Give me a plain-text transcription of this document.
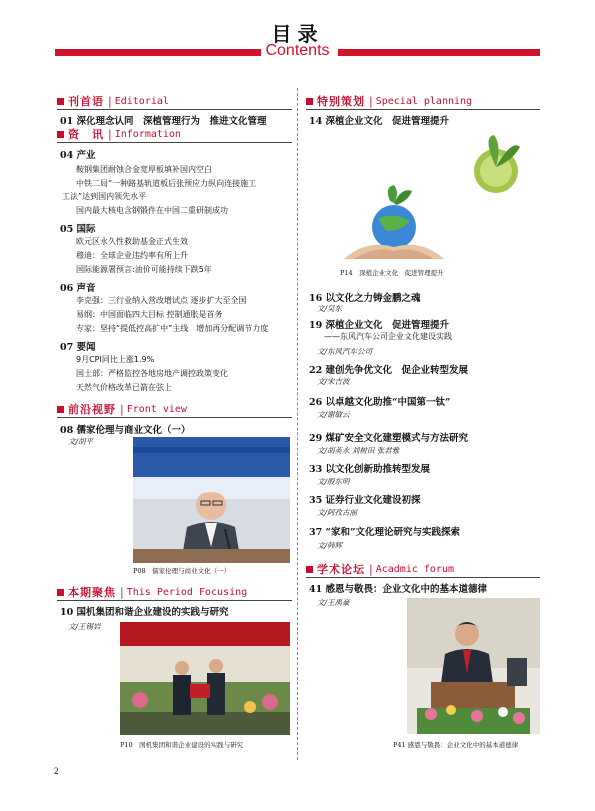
目录
Contents
刊首语 | Editorial
01 深化理念认同　深植管理行为　推进文化管理
资　讯 | Information
04 产业
鞍钢集团耐蚀合金宽厚板填补国内空白
中铁二局“一种路基轨道板后张预应力纵向连接施工
工法”达到国内领先水平
国内最大核电含钢锻件在中国二重研制成功
05 国际
欧元区永久性救助基金正式生效
穆迪：全球企业违约率有所上升
国际能源署预言:油价可能持续下跌5年
06 声音
李克强：三行业纳入营改增试点 逐步扩大至全国
易纲：中国面临四大目标 控制通胀是首务
专家：坚持“提低控高扩中”主线　增加再分配调节力度
07 要闻
9月CPI同比上涨1.9%
国土部：严格监控各地房地产调控政策变化
天然气价格改革已箭在弦上
前沿视野 | Front view
08 儒家伦理与商业文化（一）
文/胡平
P08　儒家伦理与商业文化（一）
本期聚焦 | This Period Focusing
10 国机集团和谐企业建设的实践与研究
文/王锡岩
P10　国机集团和谐企业建设的实践与研究
特别策划 | Special planning
14 深植企业文化　促进管理提升
P14　深植企业文化　促进管理提升
16 以文化之力铸金鹏之魂
文/吴东
19 深植企业文化　促进管理提升
——东风汽车公司企业文化建设实践
文/东风汽车公司
22 建创先争优文化　促企业转型发展
文/宋吉波
26 以卓越文化助推“中国第一钛”
文/谢敏云
29 煤矿安全文化建塑模式与方法研究
文/胡英永 刘树田 张君雅
33 以文化创新助推转型发展
文/殷东明
35 证券行业文化建设初探
文/阿孜古丽
37 “家和”文化理论研究与实践探索
文/韩辉
学术论坛 | Acadmic forum
41 感恩与敬畏：企业文化中的基本道德律
文/王禹豪
P41 感恩与敬畏：企业文化中的基本道德律
2
